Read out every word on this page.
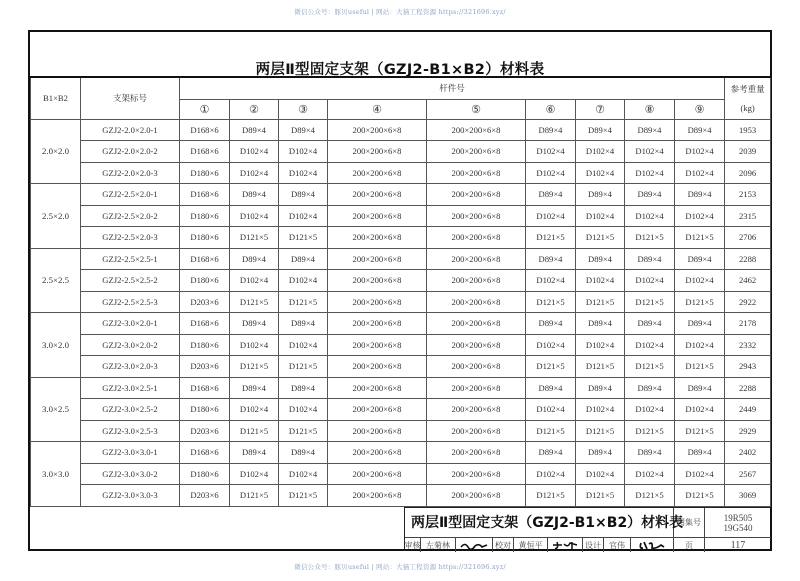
微信公众号：豚贝useful | 网站：大猫工程资源 https://321696.xyz/
两层Ⅱ型固定支架（GZJ2-B1×B2）材料表
B1×B2	支架标号	杆件号									参考重量
(kg)

		①	②	③	④	⑤	⑥	⑦	⑧	⑨	
2.0×2.0	GZJ2-2.0×2.0-1	D168×6	D89×4	D89×4	200×200×6×8	200×200×6×8	D89×4	D89×4	D89×4	D89×4	1953
	GZJ2-2.0×2.0-2	D168×6	D102×4	D102×4	200×200×6×8	200×200×6×8	D102×4	D102×4	D102×4	D102×4	2039
	GZJ2-2.0×2.0-3	D180×6	D102×4	D102×4	200×200×6×8	200×200×6×8	D102×4	D102×4	D102×4	D102×4	2096
2.5×2.0	GZJ2-2.5×2.0-1	D168×6	D89×4	D89×4	200×200×6×8	200×200×6×8	D89×4	D89×4	D89×4	D89×4	2153
	GZJ2-2.5×2.0-2	D180×6	D102×4	D102×4	200×200×6×8	200×200×6×8	D102×4	D102×4	D102×4	D102×4	2315
	GZJ2-2.5×2.0-3	D180×6	D121×5	D121×5	200×200×6×8	200×200×6×8	D121×5	D121×5	D121×5	D121×5	2706
2.5×2.5	GZJ2-2.5×2.5-1	D168×6	D89×4	D89×4	200×200×6×8	200×200×6×8	D89×4	D89×4	D89×4	D89×4	2288
	GZJ2-2.5×2.5-2	D180×6	D102×4	D102×4	200×200×6×8	200×200×6×8	D102×4	D102×4	D102×4	D102×4	2462
	GZJ2-2.5×2.5-3	D203×6	D121×5	D121×5	200×200×6×8	200×200×6×8	D121×5	D121×5	D121×5	D121×5	2922
3.0×2.0	GZJ2-3.0×2.0-1	D168×6	D89×4	D89×4	200×200×6×8	200×200×6×8	D89×4	D89×4	D89×4	D89×4	2178
	GZJ2-3.0×2.0-2	D180×6	D102×4	D102×4	200×200×6×8	200×200×6×8	D102×4	D102×4	D102×4	D102×4	2332
	GZJ2-3.0×2.0-3	D203×6	D121×5	D121×5	200×200×6×8	200×200×6×8	D121×5	D121×5	D121×5	D121×5	2943
3.0×2.5	GZJ2-3.0×2.5-1	D168×6	D89×4	D89×4	200×200×6×8	200×200×6×8	D89×4	D89×4	D89×4	D89×4	2288
	GZJ2-3.0×2.5-2	D180×6	D102×4	D102×4	200×200×6×8	200×200×6×8	D102×4	D102×4	D102×4	D102×4	2449
	GZJ2-3.0×2.5-3	D203×6	D121×5	D121×5	200×200×6×8	200×200×6×8	D121×5	D121×5	D121×5	D121×5	2929
3.0×3.0	GZJ2-3.0×3.0-1	D168×6	D89×4	D89×4	200×200×6×8	200×200×6×8	D89×4	D89×4	D89×4	D89×4	2402
	GZJ2-3.0×3.0-2	D180×6	D102×4	D102×4	200×200×6×8	200×200×6×8	D102×4	D102×4	D102×4	D102×4	2567
	GZJ2-3.0×3.0-3	D203×6	D121×5	D121×5	200×200×6×8	200×200×6×8	D121×5	D121×5	D121×5	D121×5	3069
两层Ⅱ型固定支架（GZJ2-B1×B2）材料表
图集号	19R505
19G540
审核 左菊林	校对 黄恒平	设计	官伟	页	117
微信公众号：豚贝useful | 网站：大猫工程资源 https://321696.xyz/
